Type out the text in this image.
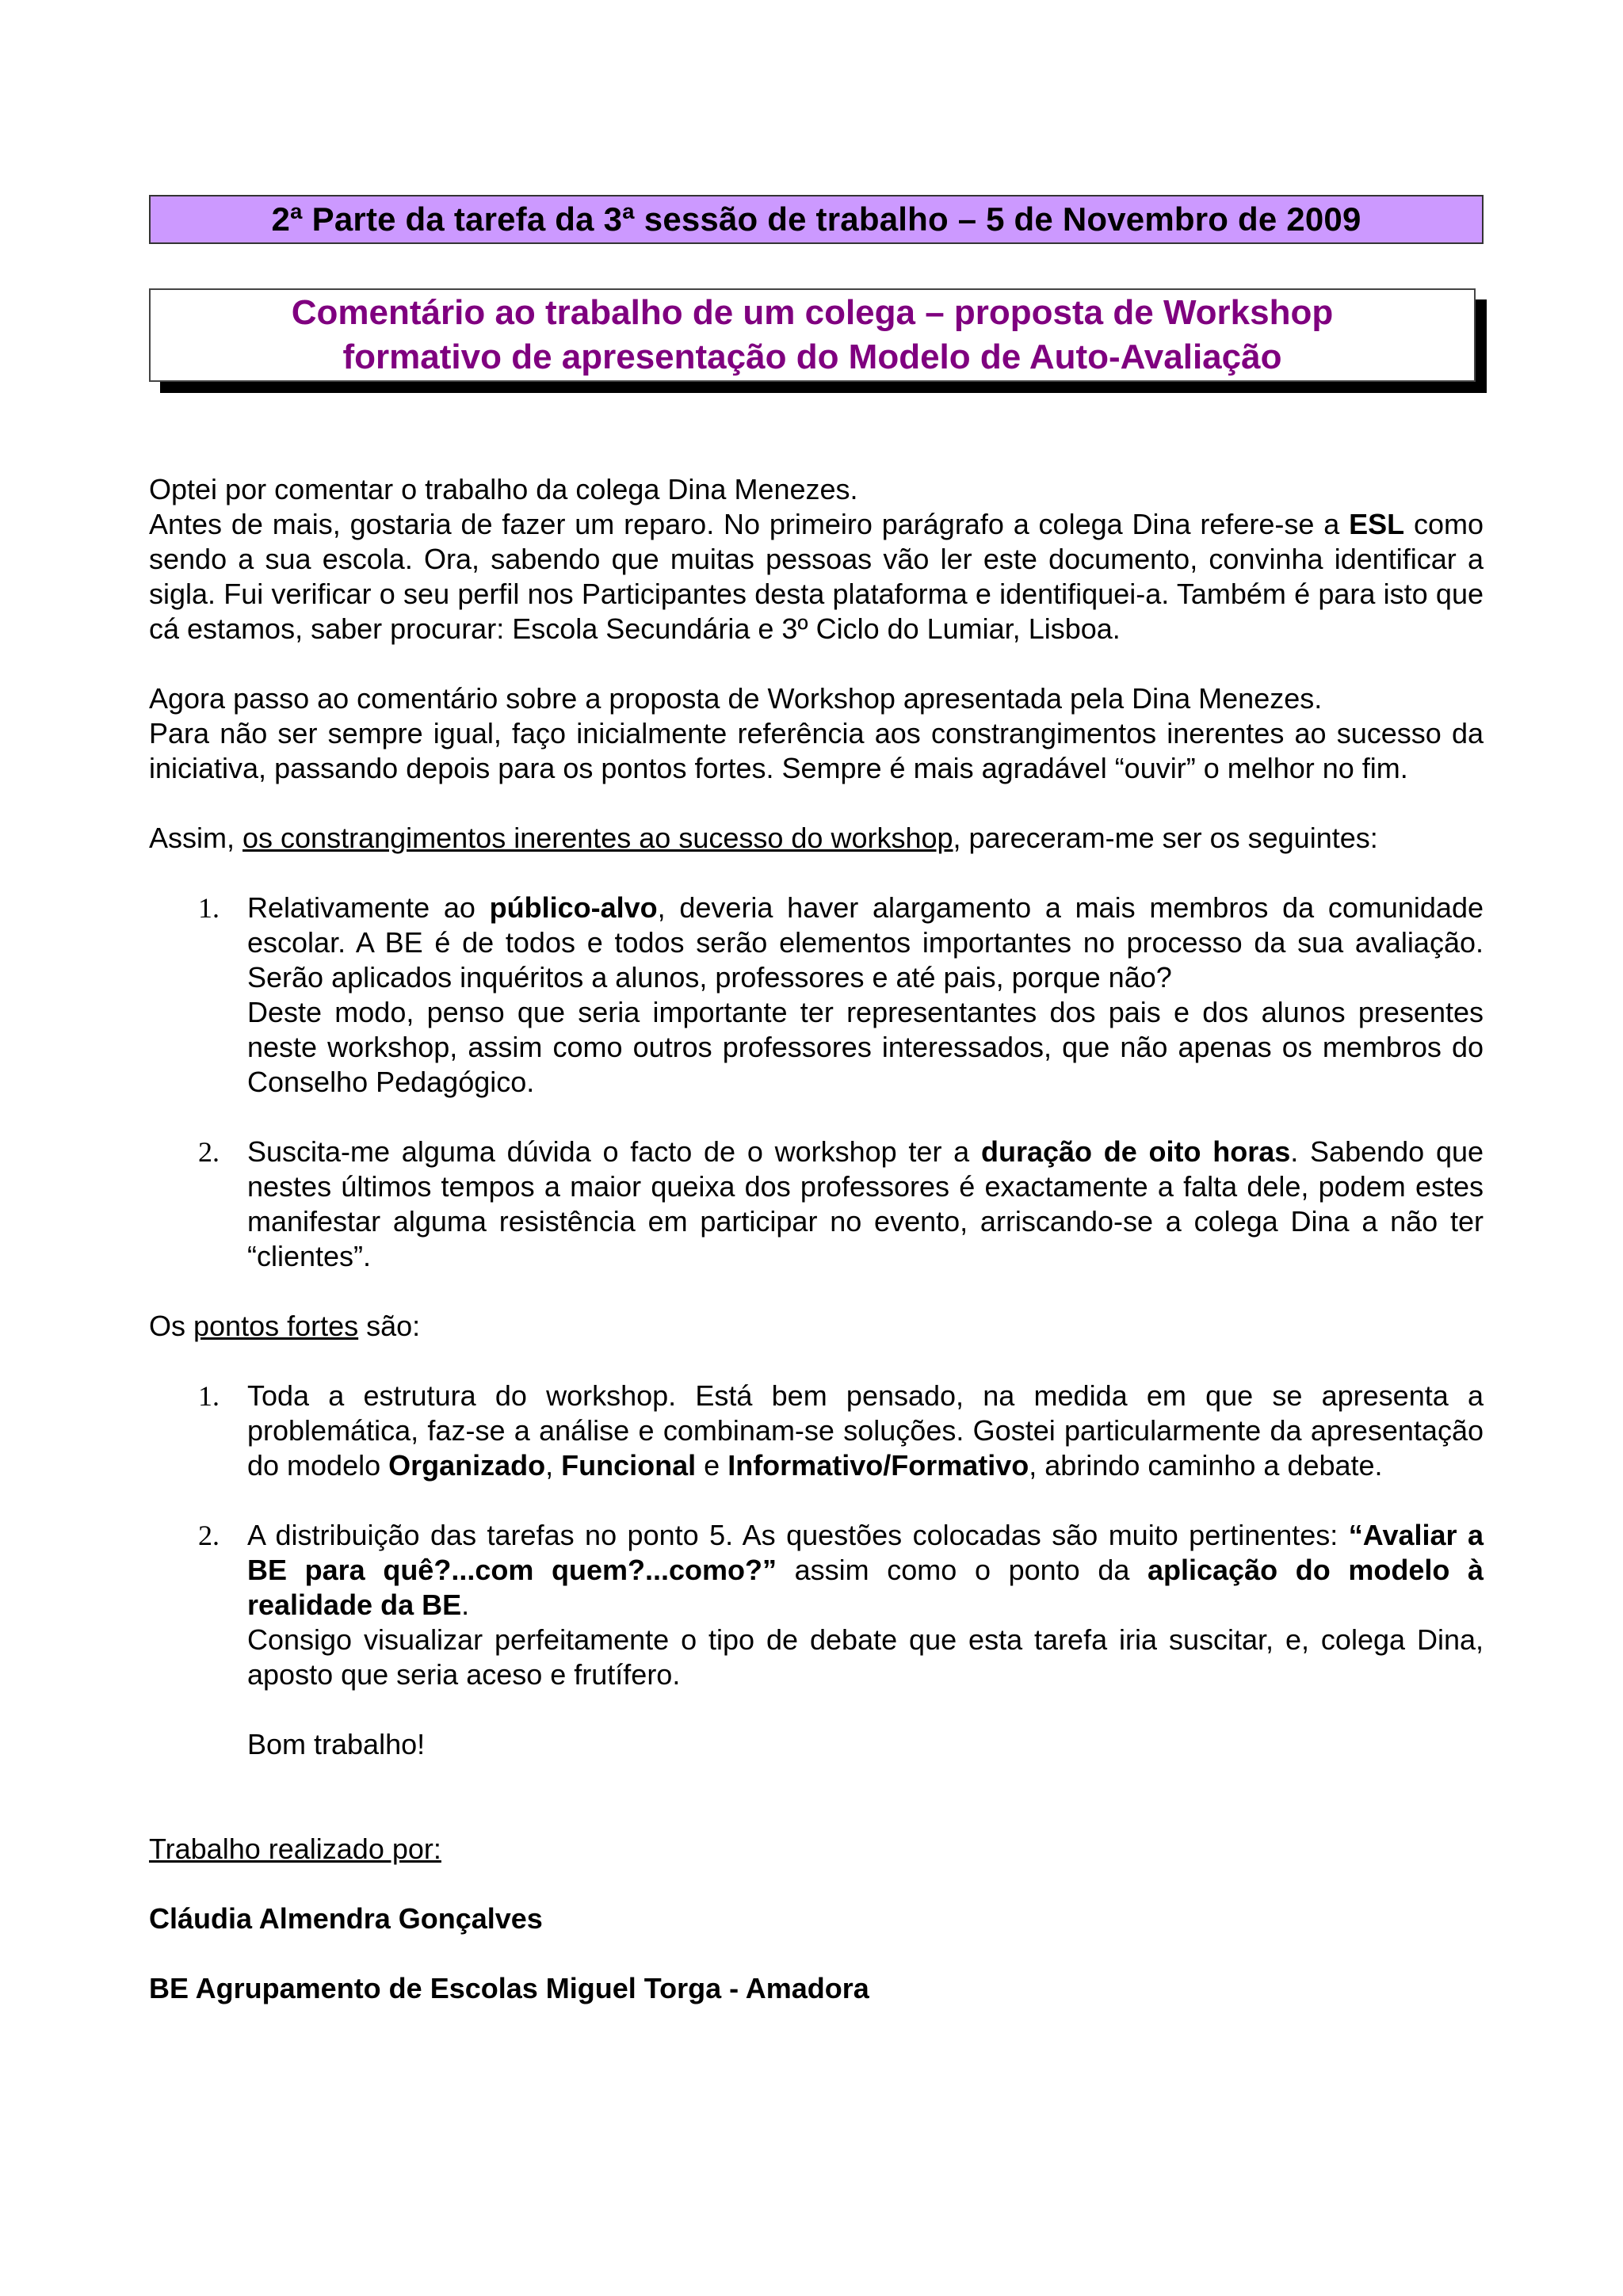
2ª Parte da tarefa da 3ª sessão de trabalho – 5 de Novembro de 2009
Comentário ao trabalho de um colega – proposta de Workshop
formativo de apresentação do Modelo de Auto-Avaliação

Optei por comentar o trabalho da colega Dina Menezes.

Antes de mais, gostaria de fazer um reparo. No primeiro parágrafo a colega Dina refere-se a ESL como sendo a sua escola. Ora, sabendo que muitas pessoas vão ler este documento, convinha identificar a sigla. Fui verificar o seu perfil nos Participantes desta plataforma e identifiquei-a. Também é para isto que cá estamos, saber procurar: Escola Secundária e 3º Ciclo do Lumiar, Lisboa.

Agora passo ao comentário sobre a proposta de Workshop apresentada pela Dina Menezes.

Para não ser sempre igual, faço inicialmente referência aos constrangimentos inerentes ao sucesso da iniciativa, passando depois para os pontos fortes. Sempre é mais agradável “ouvir” o melhor no fim.

Assim, os constrangimentos inerentes ao sucesso do workshop, pareceram-me ser os seguintes:

1. Relativamente ao público-alvo, deveria haver alargamento a mais membros da comunidade escolar. A BE é de todos e todos serão elementos importantes no processo da sua avaliação. Serão aplicados inquéritos a alunos, professores e até pais, porque não?

Deste modo, penso que seria importante ter representantes dos pais e dos alunos presentes neste workshop, assim como outros professores interessados, que não apenas os membros do Conselho Pedagógico.

2. Suscita-me alguma dúvida o facto de o workshop ter a duração de oito horas. Sabendo que nestes últimos tempos a maior queixa dos professores é exactamente a falta dele, podem estes manifestar alguma resistência em participar no evento, arriscando-se a colega Dina a não ter “clientes”.

Os pontos fortes são:

1. Toda a estrutura do workshop. Está bem pensado, na medida em que se apresenta a problemática, faz-se a análise e combinam-se soluções. Gostei particularmente da apresentação do modelo Organizado, Funcional e Informativo/Formativo, abrindo caminho a debate.

2. A distribuição das tarefas no ponto 5. As questões colocadas são muito pertinentes: “Avaliar a BE para quê?...com quem?...como?” assim como o ponto da aplicação do modelo à realidade da BE.

Consigo visualizar perfeitamente o tipo de debate que esta tarefa iria suscitar, e, colega Dina, aposto que seria aceso e frutífero.

Bom trabalho!

Trabalho realizado por:

Cláudia Almendra Gonçalves

BE Agrupamento de Escolas Miguel Torga - Amadora
